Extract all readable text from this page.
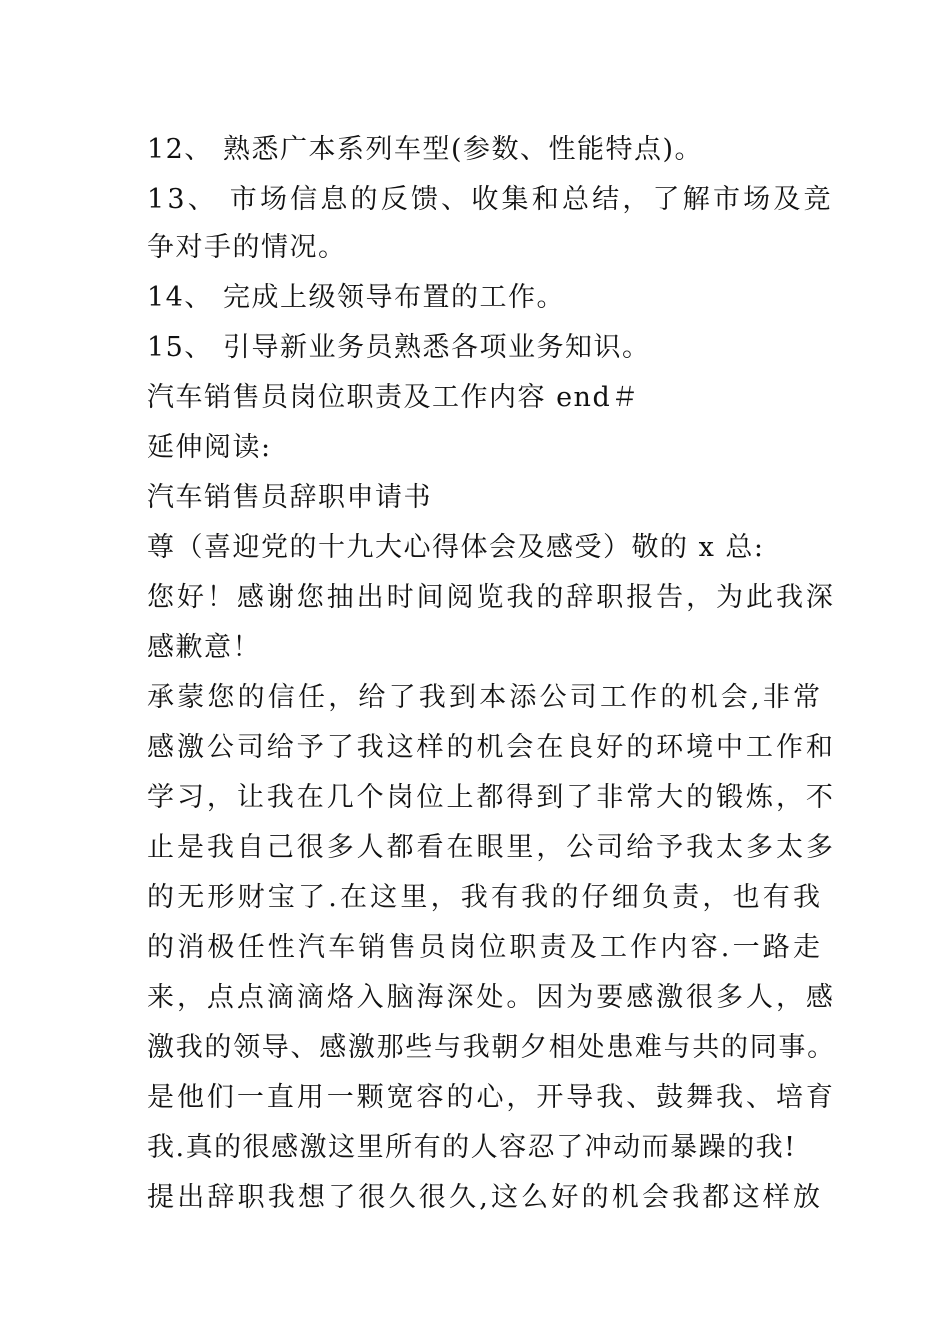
12、 熟悉广本系列车型(参数、性能特点)。
13、 市场信息的反馈、收集和总结，了解市场及竞
争对手的情况。
14、 完成上级领导布置的工作。
15、 引导新业务员熟悉各项业务知识。
汽车销售员岗位职责及工作内容 end＃
延伸阅读:
汽车销售员辞职申请书
尊（喜迎党的十九大心得体会及感受）敬的 x 总:
您好！感谢您抽出时间阅览我的辞职报告，为此我深
感歉意！
承蒙您的信任，给了我到本添公司工作的机会,非常
感激公司给予了我这样的机会在良好的环境中工作和
学习，让我在几个岗位上都得到了非常大的锻炼，不
止是我自己很多人都看在眼里，公司给予我太多太多
的无形财宝了.在这里，我有我的仔细负责，也有我
的消极任性汽车销售员岗位职责及工作内容.一路走
来，点点滴滴烙入脑海深处。因为要感激很多人，感
激我的领导、感激那些与我朝夕相处患难与共的同事。
是他们一直用一颗宽容的心，开导我、鼓舞我、培育
我.真的很感激这里所有的人容忍了冲动而暴躁的我!
提出辞职我想了很久很久,这么好的机会我都这样放
